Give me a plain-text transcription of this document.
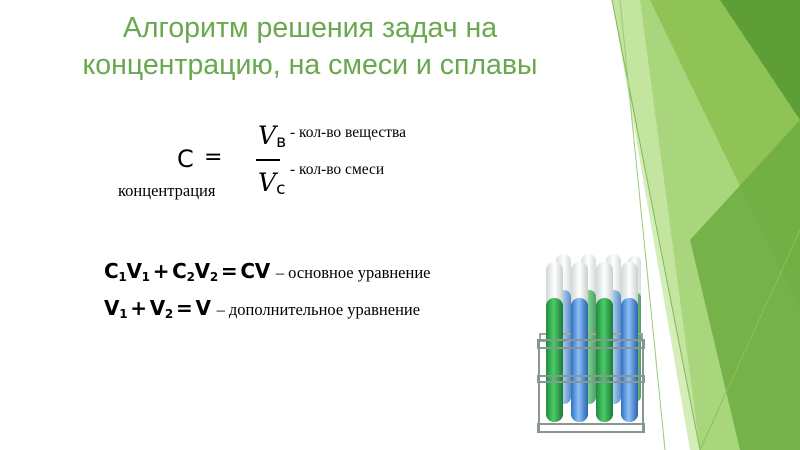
Алгоритм решения задач на
концентрацию, на смеси и сплавы
C =
концентрация
$V_в$
$V_с$
- кол-во вещества
- кол-во смеси
$C_1V_1 + C_2V_2$ = CV – основное уравнение
$V_1 + V_2 = V$ – дополнительное уравнение
